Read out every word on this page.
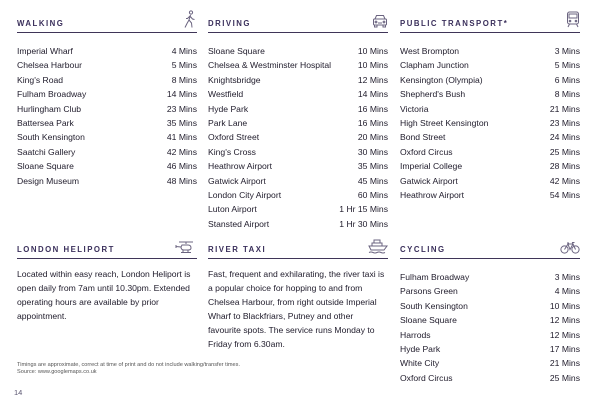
WALKING
Imperial Wharf	4 Mins
Chelsea Harbour	5 Mins
King's Road	8 Mins
Fulham Broadway	14 Mins
Hurlingham Club	23 Mins
Battersea Park	35 Mins
South Kensington	41 Mins
Saatchi Gallery	42 Mins
Sloane Square	46 Mins
Design Museum	48 Mins
DRIVING
Sloane Square	10 Mins
Chelsea & Westminster Hospital	10 Mins
Knightsbridge	12 Mins
Westfield	14 Mins
Hyde Park	16 Mins
Park Lane	16 Mins
Oxford Street	20 Mins
King's Cross	30 Mins
Heathrow Airport	35 Mins
Gatwick Airport	45 Mins
London City Airport	60 Mins
Luton Airport	1 Hr 15 Mins
Stansted Airport	1 Hr 30 Mins
PUBLIC TRANSPORT*
West Brompton	3 Mins
Clapham Junction	5 Mins
Kensington (Olympia)	6 Mins
Shepherd's Bush	8 Mins
Victoria	21 Mins
High Street Kensington	23 Mins
Bond Street	24 Mins
Oxford Circus	25 Mins
Imperial College	28 Mins
Gatwick Airport	42 Mins
Heathrow Airport	54 Mins
LONDON HELIPORT
Located within easy reach, London Heliport is open daily from 7am until 10.30pm. Extended operating hours are available by prior appointment.
RIVER TAXI
Fast, frequent and exhilarating, the river taxi is a popular choice for hopping to and from Chelsea Harbour, from right outside Imperial Wharf to Blackfriars, Putney and other favourite spots. The service runs Monday to Friday from 6.30am.
CYCLING
Fulham Broadway	3 Mins
Parsons Green	4 Mins
South Kensington	10 Mins
Sloane Square	12 Mins
Harrods	12 Mins
Hyde Park	17 Mins
White City	21 Mins
Oxford Circus	25 Mins
Timings are approximate, correct at time of print and do not include walking/transfer times.
Source: www.googlemaps.co.uk
14
